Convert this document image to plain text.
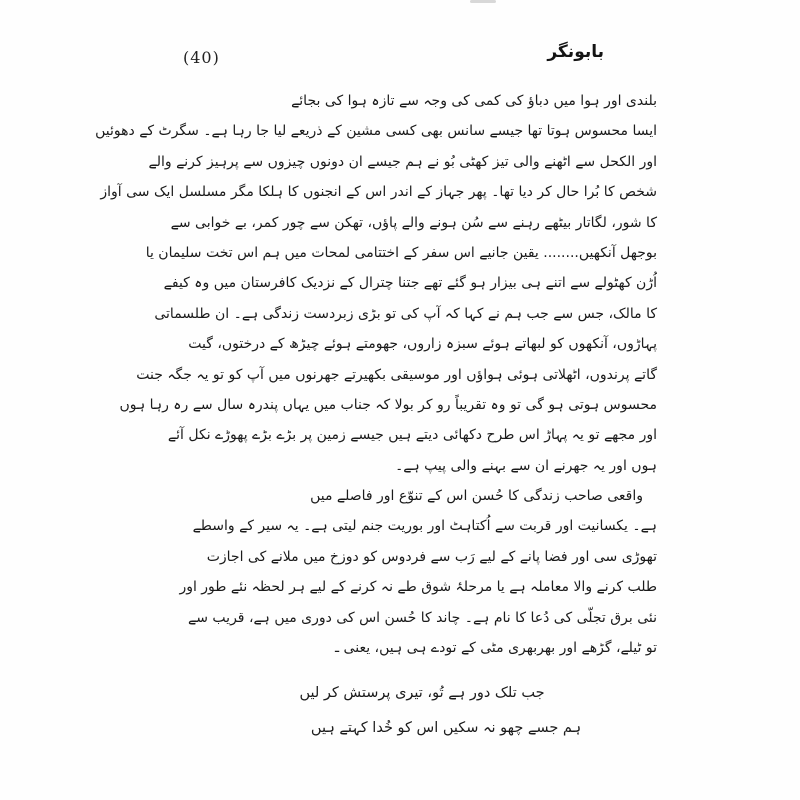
(40)	بابونگر
بلندی اور ہوا میں دباؤ کی کمی کی وجہ سے تازہ ہوا کی بجائے
ایسا محسوس ہوتا تھا جیسے سانس بھی کسی مشین کے ذریعے لیا جا رہا ہے۔ سگرٹ کے دھوئیں
اور الکحل سے اٹھنے والی تیز کھٹی بُو نے ہم جیسے ان دونوں چیزوں سے پرہیز کرنے والے
شخص کا بُرا حال کر دیا تھا۔ پھر جہاز کے اندر اس کے انجنوں کا ہلکا مگر مسلسل ایک سی آواز
کا شور، لگاتار بیٹھے رہنے سے سُن ہونے والے پاؤں، تھکن سے چور کمر، بے خوابی سے
بوجھل آنکھیں........ یقین جانیے اس سفر کے اختتامی لمحات میں ہم اس تخت سلیمان یا
اُڑن کھٹولے سے اتنے ہی بیزار ہو گئے تھے جتنا چترال کے نزدیک کافرستان میں وہ کیفے
کا مالک، جس سے جب ہم نے کہا کہ آپ کی تو بڑی زبردست زندگی ہے۔ ان طلسماتی
پہاڑوں، آنکھوں کو لبھاتے ہوئے سبزہ زاروں، جھومتے ہوئے چیڑھ کے درختوں، گیت
گاتے پرندوں، اٹھلاتی ہوئی ہواؤں اور موسیقی بکھیرتے جھرنوں میں آپ کو تو یہ جگہ جنت
محسوس ہوتی ہو گی تو وہ تقریباً رو کر بولا کہ جناب میں یہاں پندرہ سال سے رہ رہا ہوں
اور مجھے تو یہ پہاڑ اس طرح دکھائی دیتے ہیں جیسے زمین پر بڑے بڑے پھوڑے نکل آئے
ہوں اور یہ جھرنے ان سے بہنے والی پیپ ہے۔
واقعی صاحب زندگی کا حُسن اس کے تنوّع اور فاصلے میں
ہے۔ یکسانیت اور قربت سے اُکتاہٹ اور بوریت جنم لیتی ہے۔ یہ سیر کے واسطے
تھوڑی سی اور فضا پانے کے لیے رَب سے فردوس کو دوزخ میں ملانے کی اجازت
طلب کرنے والا معاملہ ہے یا مرحلۂ شوق طے نہ کرنے کے لیے ہر لحظہ نئے طور اور
نئی برق تجلّی کی دُعا کا نام ہے۔ چاند کا حُسن اس کی دوری میں ہے، قریب سے
تو ٹیلے، گڑھے اور بھربھری مٹی کے تودے ہی ہیں، یعنی ـ
جب تلک دور ہے تُو، تیری پرستش کر لیں
ہم جسے چھو نہ سکیں اس کو خُدا کہتے ہیں
